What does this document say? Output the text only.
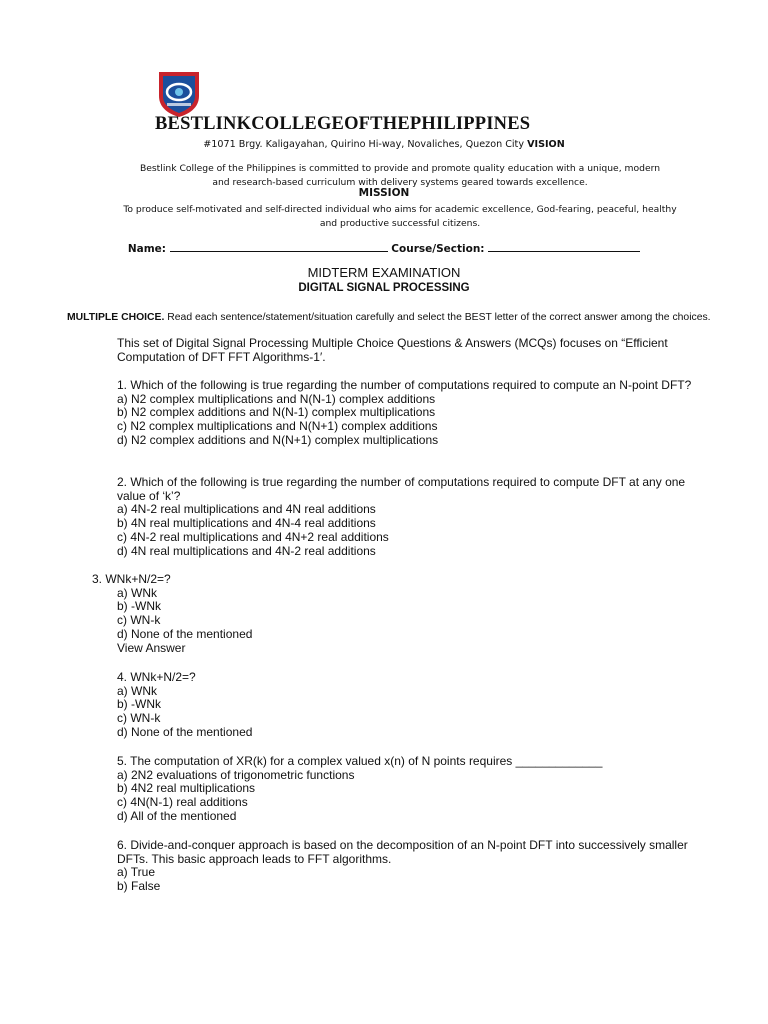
BESTLINKCOLLEGEOFTHEPHILIPPINES
#1071 Brgy. Kaligayahan, Quirino Hi-way, Novaliches, Quezon City VISION
Bestlink College of the Philippines is committed to provide and promote quality education with a unique, modern and research-based curriculum with delivery systems geared towards excellence.
MISSION
To produce self-motivated and self-directed individual who aims for academic excellence, God-fearing, peaceful, healthy and productive successful citizens.
Name:	Course/Section:
MIDTERM EXAMINATION
DIGITAL SIGNAL PROCESSING
MULTIPLE CHOICE. Read each sentence/statement/situation carefully and select the BEST letter of the correct answer among the choices.
This set of Digital Signal Processing Multiple Choice Questions & Answers (MCQs) focuses on “Efficient Computation of DFT FFT Algorithms-1′.
1. Which of the following is true regarding the number of computations required to compute an N-point DFT?
a) N2 complex multiplications and N(N-1) complex additions
b) N2 complex additions and N(N-1) complex multiplications
c) N2 complex multiplications and N(N+1) complex additions
d) N2 complex additions and N(N+1) complex multiplications
2. Which of the following is true regarding the number of computations required to compute DFT at any one value of ‘k’?
a) 4N-2 real multiplications and 4N real additions
b) 4N real multiplications and 4N-4 real additions
c) 4N-2 real multiplications and 4N+2 real additions
d) 4N real multiplications and 4N-2 real additions
3. WNk+N/2=?
a) WNk
b) -WNk
c) WN-k
d) None of the mentioned
View Answer
4. WNk+N/2=?
a) WNk
b) -WNk
c) WN-k
d) None of the mentioned
5. The computation of XR(k) for a complex valued x(n) of N points requires _____________
a) 2N2 evaluations of trigonometric functions
b) 4N2 real multiplications
c) 4N(N-1) real additions
d) All of the mentioned
6. Divide-and-conquer approach is based on the decomposition of an N-point DFT into successively smaller DFTs. This basic approach leads to FFT algorithms.
a) True
b) False
